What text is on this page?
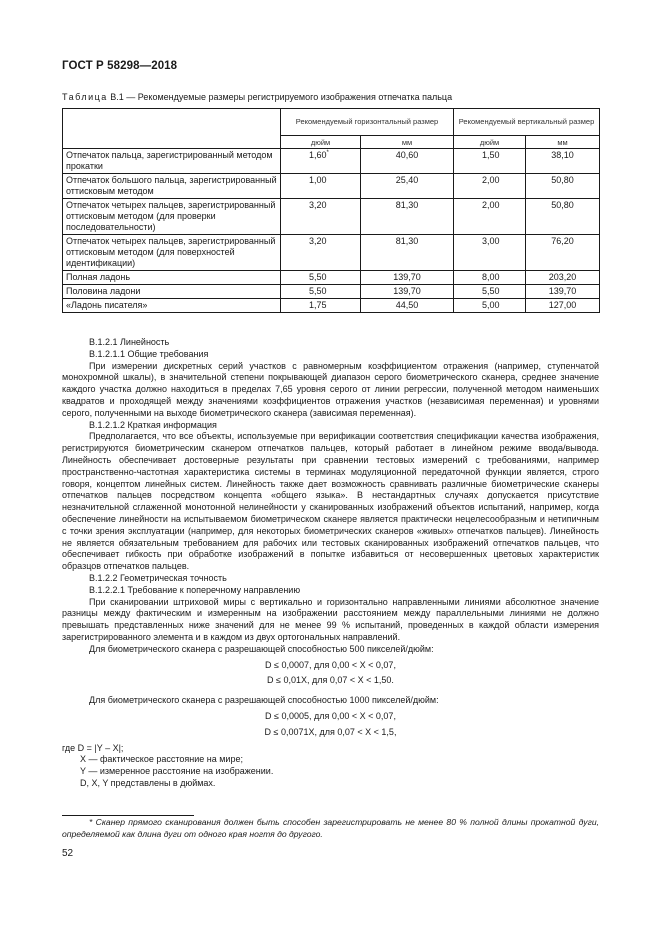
ГОСТ Р 58298—2018
Таблица В.1 — Рекомендуемые размеры регистрируемого изображения отпечатка пальца
	Рекомендуемый горизонтальный размер		Рекомендуемый вертикальный размер	
	дюйм	мм	дюйм	мм
Отпечаток пальца, зарегистрированный методом прокатки	1,60*	40,60	1,50	38,10
Отпечаток большого пальца, зарегистрированный оттисковым методом	1,00	25,40	2,00	50,80
Отпечаток четырех пальцев, зарегистрированный оттисковым методом (для проверки последовательности)	3,20	81,30	2,00	50,80
Отпечаток четырех пальцев, зарегистрированный оттисковым методом (для поверхностей идентификации)	3,20	81,30	3,00	76,20
Полная ладонь	5,50	139,70	8,00	203,20
Половина ладони	5,50	139,70	5,50	139,70
«Ладонь писателя»	1,75	44,50	5,00	127,00

В.1.2.1 Линейность

В.1.2.1.1 Общие требования

При измерении дискретных серий участков с равномерным коэффициентом отражения (например, ступенчатой монохромной шкалы), в значительной степени покрывающей диапазон серого биометрического сканера, среднее значение каждого участка должно находиться в пределах 7,65 уровня серого от линии регрессии, полученной методом наименьших квадратов и проходящей между значениями коэффициентов отражения участков (независимая переменная) и уровнями серого, полученными на выходе биометрического сканера (зависимая переменная).

В.1.2.1.2 Краткая информация

Предполагается, что все объекты, используемые при верификации соответствия спецификации качества изображения, регистрируются биометрическим сканером отпечатков пальцев, который работает в линейном режиме ввода/вывода. Линейность обеспечивает достоверные результаты при сравнении тестовых измерений с требованиями, например пространственно-частотная характеристика системы в терминах модуляционной передаточной функции является, строго говоря, концептом линейных систем. Линейность также дает возможность сравнивать различные биометрические сканеры отпечатков пальцев посредством концепта «общего языка». В нестандартных случаях допускается присутствие незначительной сглаженной монотонной нелинейности у сканированных изображений объектов испытаний, например, когда обеспечение линейности на испытываемом биометрическом сканере является практически нецелесообразным и нетипичным с точки зрения эксплуатации (например, для некоторых биометрических сканеров «живых» отпечатков пальцев). Линейность не является обязательным требованием для рабочих или тестовых сканированных изображений отпечатков пальцев, что обеспечивает гибкость при обработке изображений в попытке избавиться от несовершенных цветовых характеристик образцов отпечатков пальцев.

В.1.2.2 Геометрическая точность

В.1.2.2.1 Требование к поперечному направлению

При сканировании штриховой миры с вертикально и горизонтально направленными линиями абсолютное значение разницы между фактическим и измеренным на изображении расстоянием между параллельными линиями не должно превышать представленных ниже значений для не менее 99 % испытаний, проведенных в каждой области измерения зарегистрированного элемента и в каждом из двух ортогональных направлений.

Для биометрического сканера с разрешающей способностью 500 пикселей/дюйм:

D ≤ 0,0007, для 0,00 < X < 0,07,

D ≤ 0,01X, для 0,07 < X < 1,50.

Для биометрического сканера с разрешающей способностью 1000 пикселей/дюйм:

D ≤ 0,0005, для 0,00 < X < 0,07,

D ≤ 0,0071X, для 0,07 < X < 1,5,

где D = |Y – X|;

X — фактическое расстояние на мире;

Y — измеренное расстояние на изображении.

D, X, Y представлены в дюймах.

* Сканер прямого сканирования должен быть способен зарегистрировать не менее 80 % полной длины прокатной дуги, определяемой как длина дуги от одного края ногтя до другого.
52
